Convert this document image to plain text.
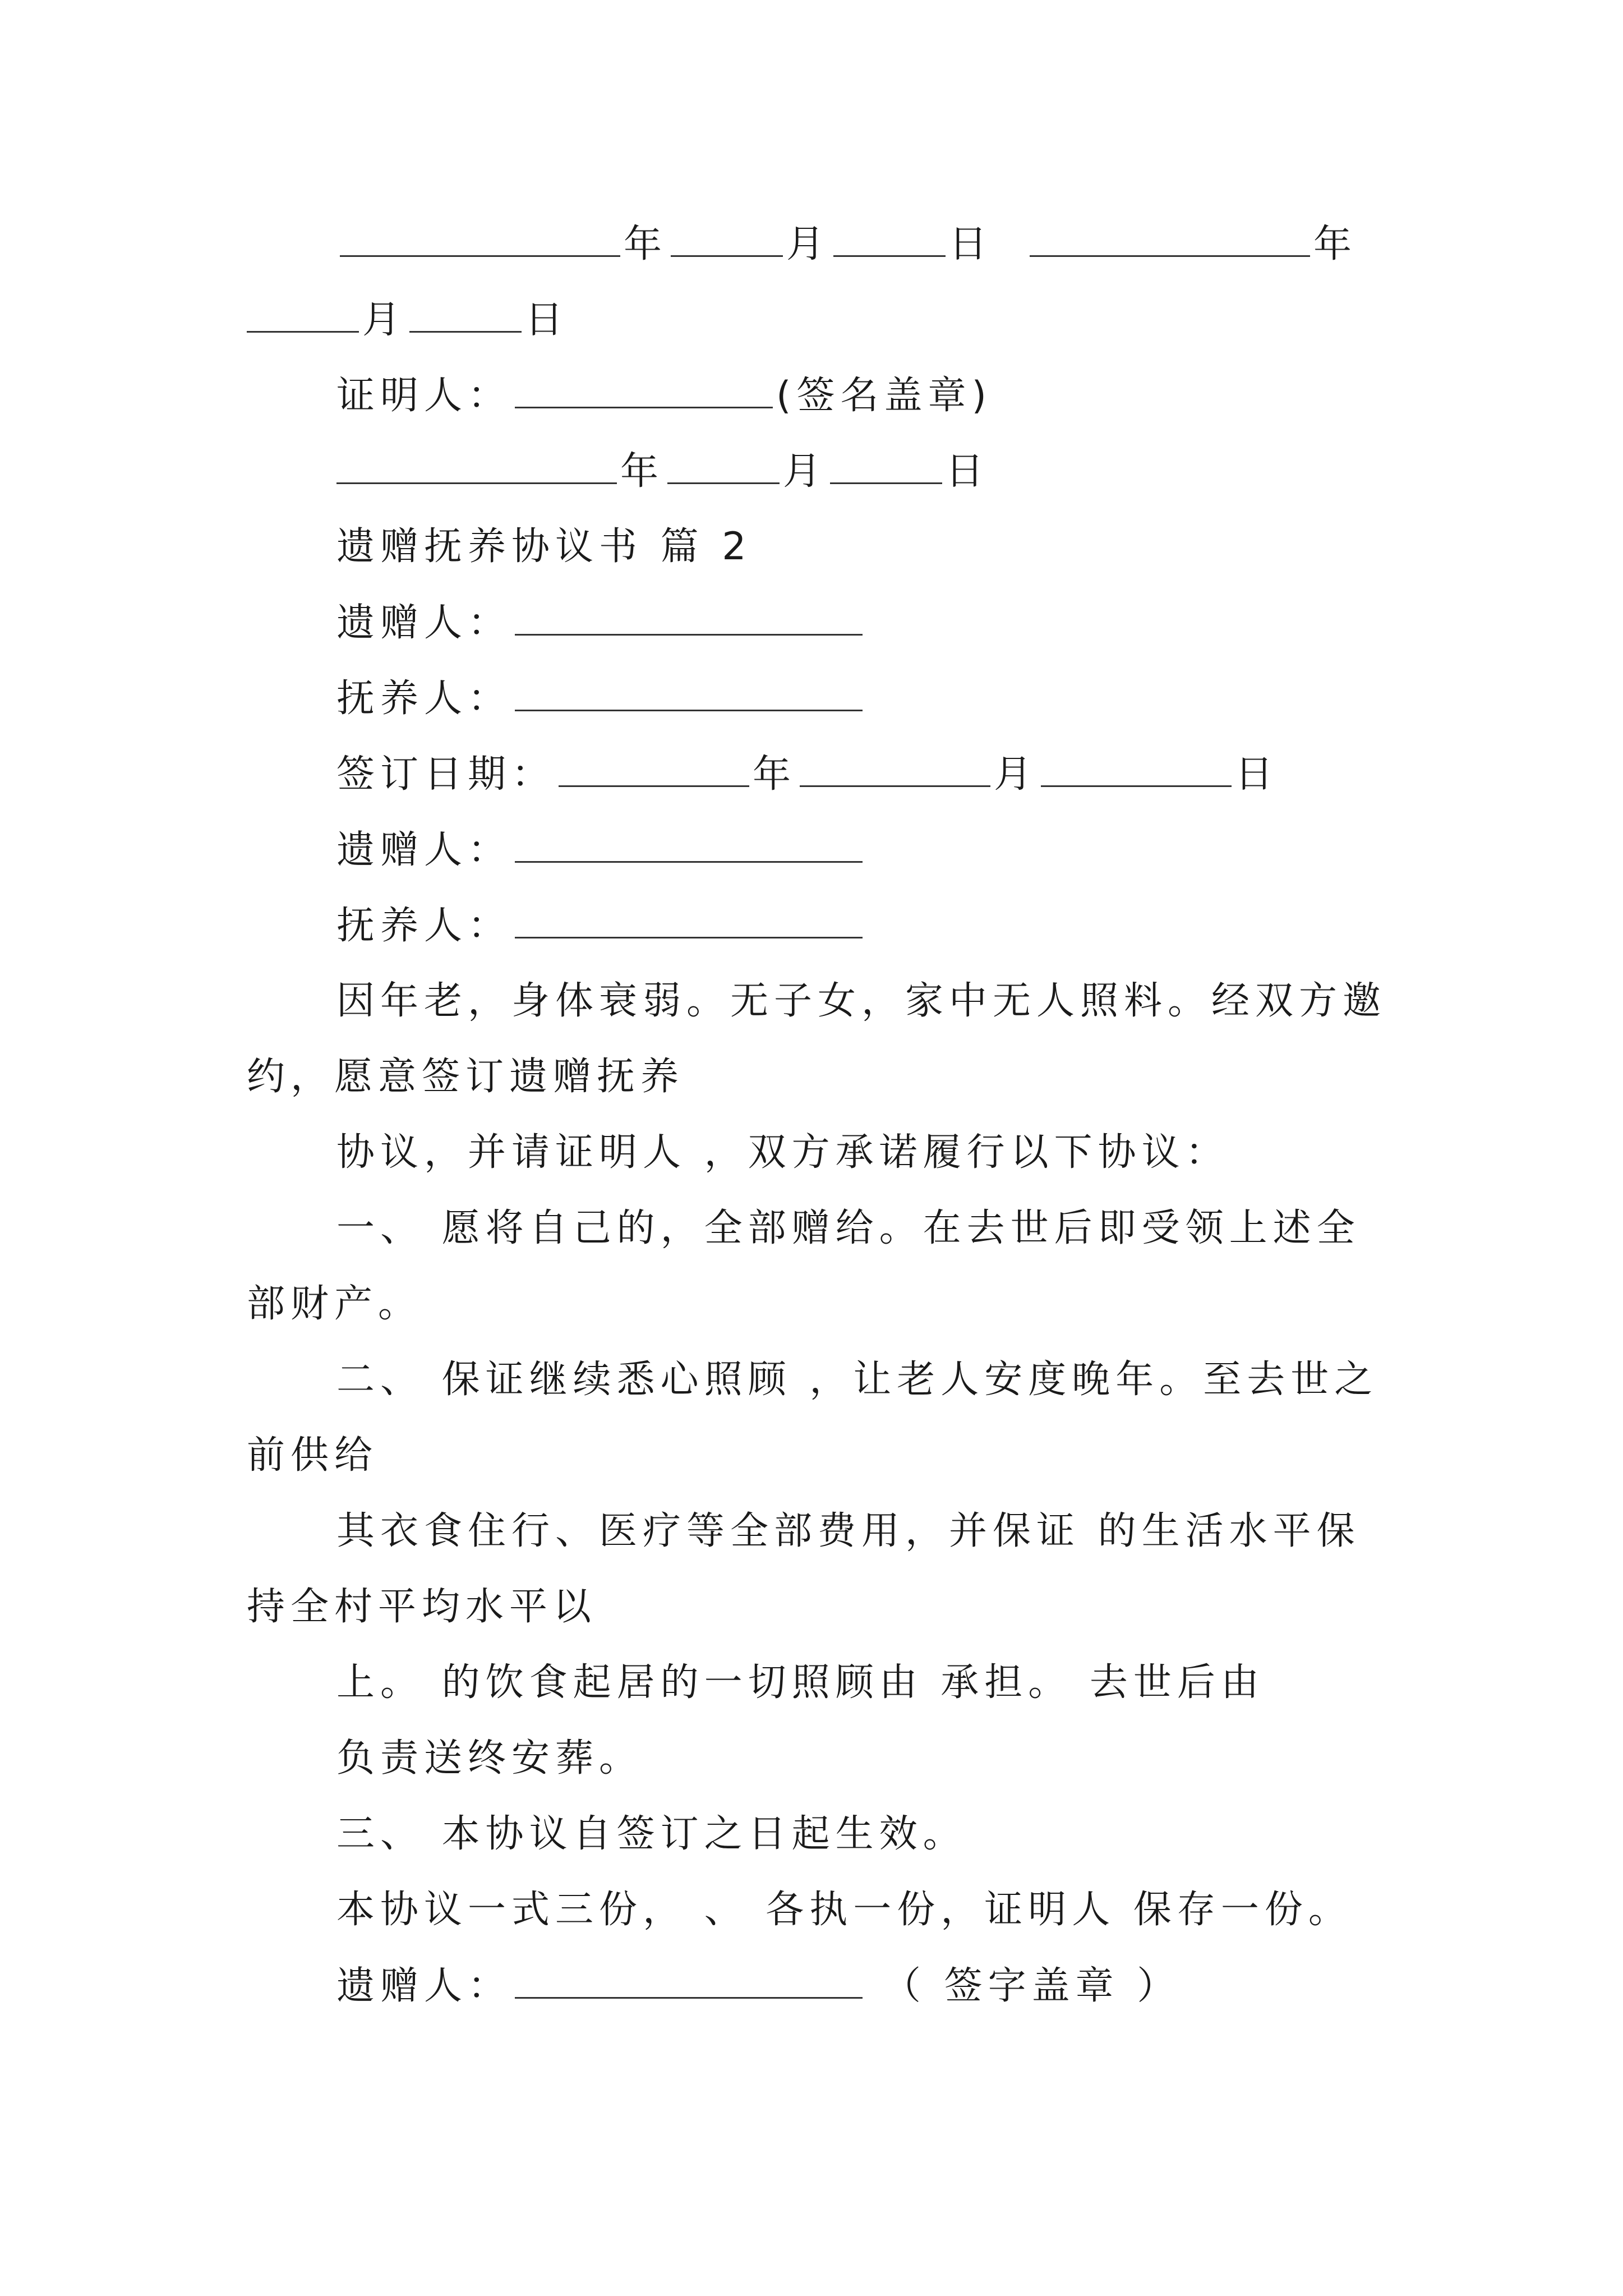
年	月	日	年
月	日
证明人：	(签名盖章)
年	月	日
遗赠抚养协议书 篇 2
遗赠人：
抚养人：
签订日期：	年	月	日
遗赠人：
抚养人：
因年老，身体衰弱。无子女，家中无人照料。经双方邀
约，愿意签订遗赠抚养
协议，并请证明人 ，双方承诺履行以下协议：
一、 愿将自己的，全部赠给。在去世后即受领上述全
部财产。
二、 保证继续悉心照顾 ，让老人安度晚年。至去世之
前供给
其衣食住行、医疗等全部费用，并保证 的生活水平保
持全村平均水平以
上。 的饮食起居的一切照顾由 承担。 去世后由
负责送终安葬。
三、 本协议自签订之日起生效。
本协议一式三份， 、 各执一份，证明人 保存一份。
遗赠人：	（ 签字盖章 ）
